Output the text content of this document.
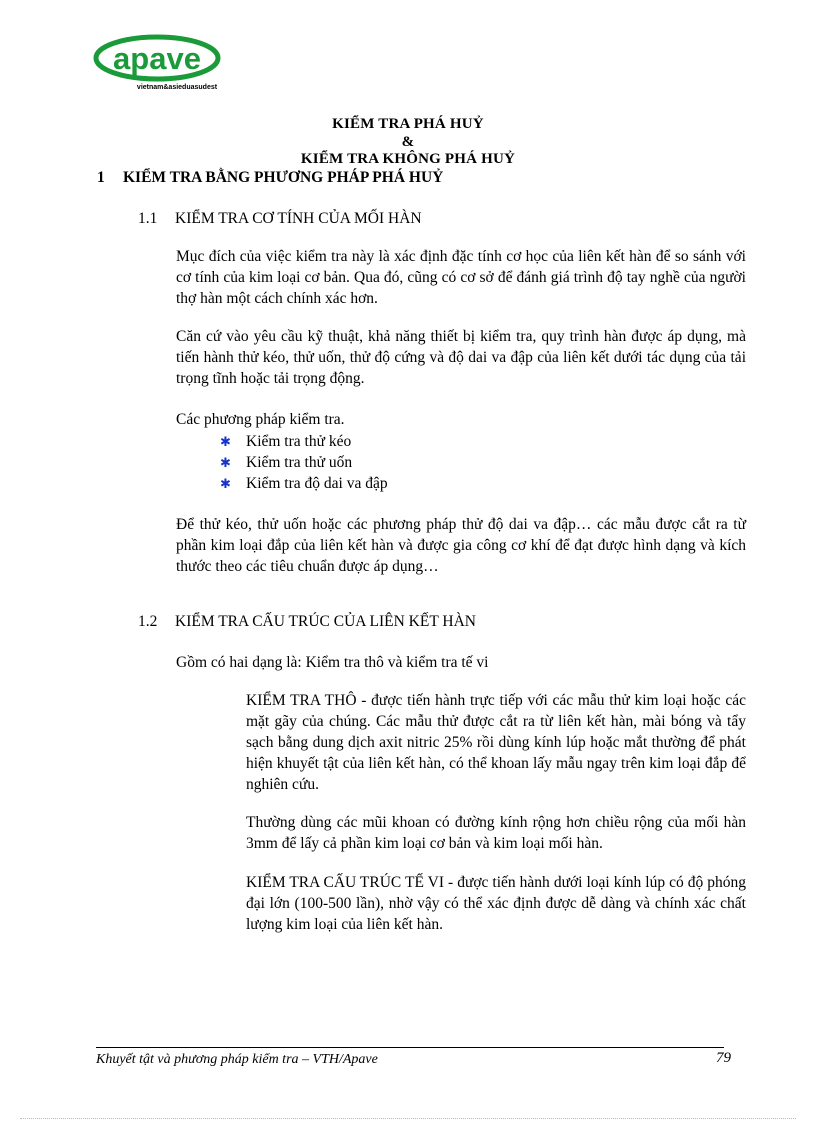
apave
vietnam&asieduasudest
KIỂM TRA PHÁ HUỶ
&
KIỂM TRA KHÔNG PHÁ HUỶ
1 KIỂM TRA BẰNG PHƯƠNG PHÁP PHÁ HUỶ
1.1 KIỂM TRA CƠ TÍNH CỦA MỐI HÀN
Mục đích của việc kiểm tra này là xác định đặc tính cơ học của liên kết hàn để so sánh với cơ tính của kim loại cơ bản. Qua đó, cũng có cơ sở để đánh giá trình độ tay nghề của người thợ hàn một cách chính xác hơn.
Căn cứ vào yêu cầu kỹ thuật, khả năng thiết bị kiểm tra, quy trình hàn được áp dụng, mà tiến hành thử kéo, thử uốn, thử độ cứng và độ dai va đập của liên kết dưới tác dụng của tải trọng tĩnh hoặc tải trọng động.
Các phương pháp kiểm tra.
✱ Kiểm tra thử kéo
✱ Kiểm tra thử uốn
✱ Kiểm tra độ dai va đập
Để thử kéo, thử uốn hoặc các phương pháp thử độ dai va đập… các mẫu được cắt ra từ phần kim loại đắp của liên kết hàn và được gia công cơ khí để đạt được hình dạng và kích thước theo các tiêu chuẩn được áp dụng…
1.2 KIỂM TRA CẤU TRÚC CỦA LIÊN KẾT HÀN
Gồm có hai dạng là: Kiểm tra thô và kiểm tra tế vi
KIỂM TRA THÔ - được tiến hành trực tiếp với các mẫu thử kim loại hoặc các mặt gãy của chúng. Các mẫu thử được cắt ra từ liên kết hàn, mài bóng và tẩy sạch bằng dung dịch axit nitric 25% rồi dùng kính lúp hoặc mắt thường để phát hiện khuyết tật của liên kết hàn, có thể khoan lấy mẫu ngay trên kim loại đắp để nghiên cứu.
Thường dùng các mũi khoan có đường kính rộng hơn chiều rộng của mối hàn 3mm để lấy cả phần kim loại cơ bản và kim loại mối hàn.
KIỂM TRA CẤU TRÚC TẾ VI - được tiến hành dưới loại kính lúp có độ phóng đại lớn (100-500 lần), nhờ vậy có thể xác định được dễ dàng và chính xác chất lượng kim loại của liên kết hàn.
Khuyết tật và phương pháp kiểm tra – VTH/Apave	79
